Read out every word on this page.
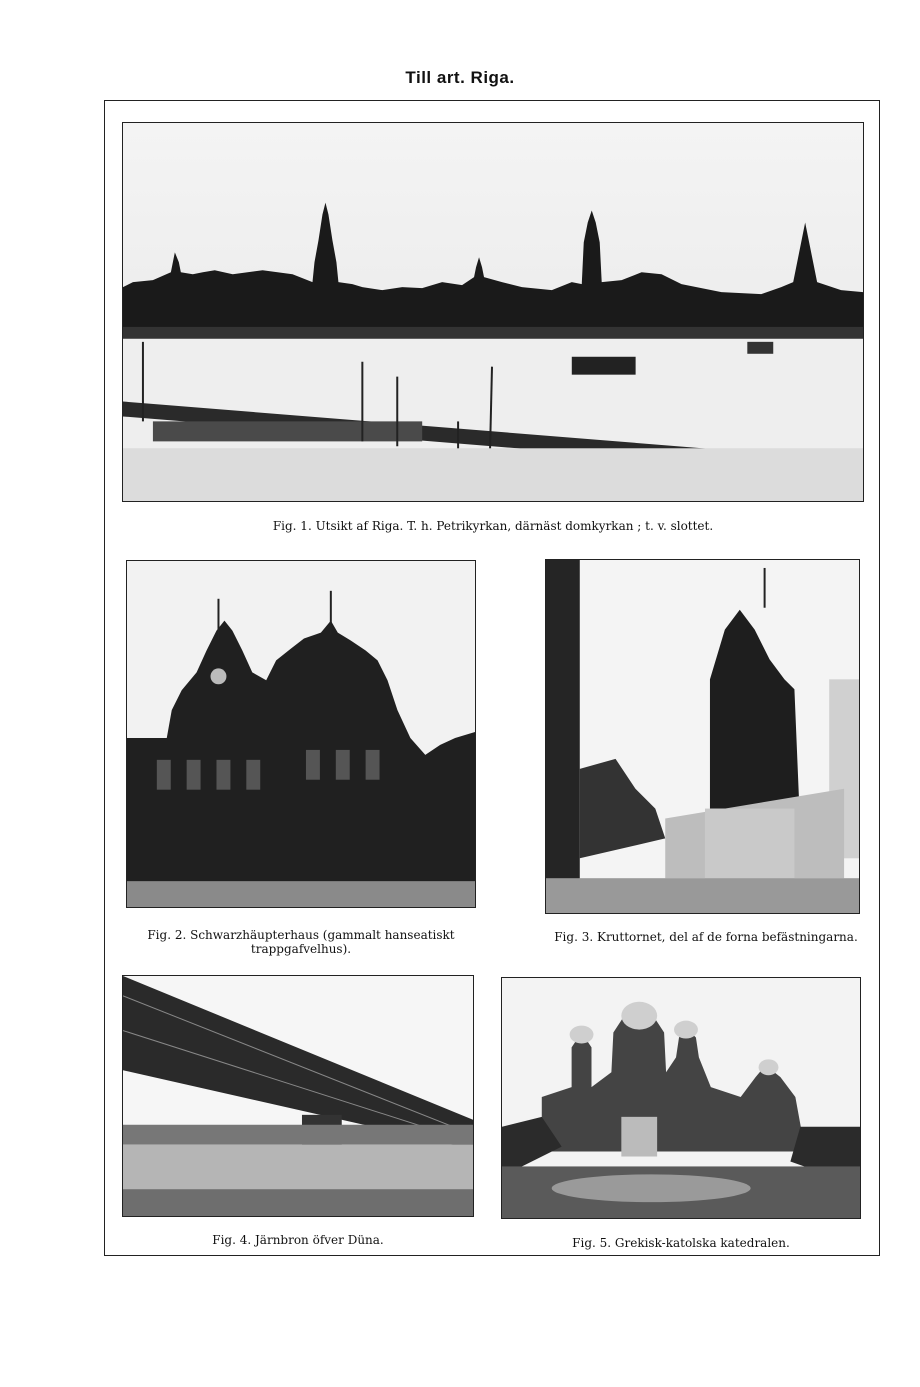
Till art. Riga.
Fig. 1. Utsikt af Riga. T. h. Petrikyrkan, därnäst domkyrkan ; t. v. slottet.
Fig. 2. Schwarzhäupterhaus (gammalt hanseatiskt trappgafvelhus).
Fig. 3. Kruttornet, del af de forna befästningarna.
Fig. 4. Järnbron öfver Düna.	Fig. 5. Grekisk-katolska katedralen.
